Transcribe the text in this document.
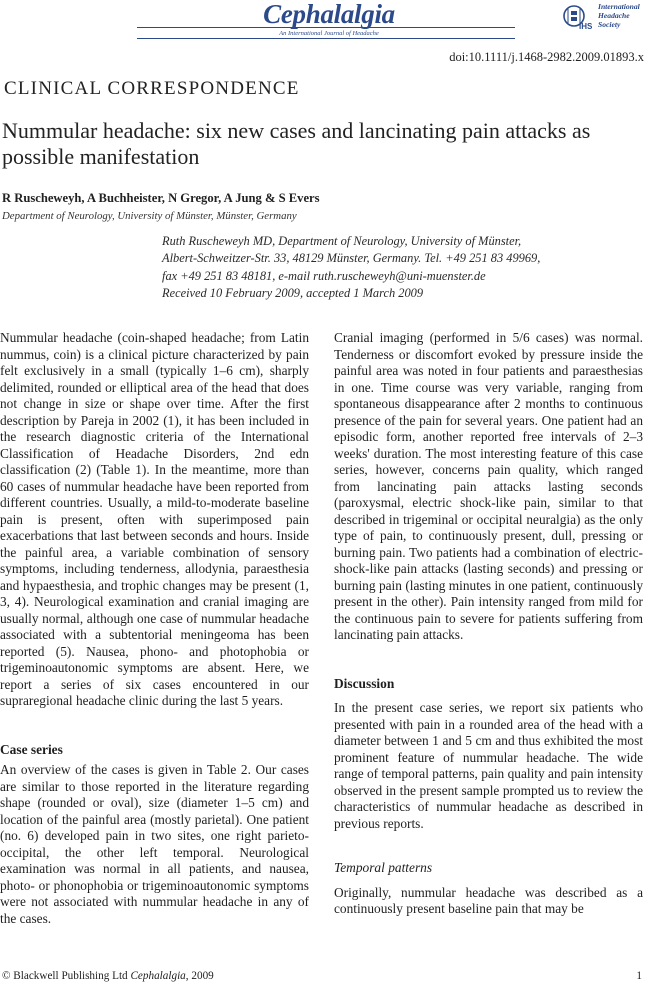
Cephalalgia
An International Journal of Headache
IHS
International
Headache
Society
doi:10.1111/j.1468-2982.2009.01893.x
CLINICAL CORRESPONDENCE
Nummular headache: six new cases and lancinating pain attacks as possible manifestation
R Ruscheweyh, A Buchheister, N Gregor, A Jung & S Evers
Department of Neurology, University of Münster, Münster, Germany
Ruth Ruscheweyh MD, Department of Neurology, University of Münster,
Albert-Schweitzer-Str. 33, 48129 Münster, Germany. Tel. +49 251 83 49969,
fax +49 251 83 48181, e-mail ruth.ruscheweyh@uni-muenster.de
Received 10 February 2009, accepted 1 March 2009

Nummular headache (coin-shaped headache; from Latin nummus, coin) is a clinical picture characterized by pain felt exclusively in a small (typically 1–6 cm), sharply delimited, rounded or elliptical area of the head that does not change in size or shape over time. After the first description by Pareja in 2002 (1), it has been included in the research diagnostic criteria of the International Classification of Headache Disorders, 2nd edn classification (2) (Table 1). In the meantime, more than 60 cases of nummular headache have been reported from different countries. Usually, a mild-to-moderate baseline pain is present, often with superimposed pain exacerbations that last between seconds and hours. Inside the painful area, a variable combination of sensory symptoms, including tenderness, allodynia, paraesthesia and hypaesthesia, and trophic changes may be present (1, 3, 4). Neurological examination and cranial imaging are usually normal, although one case of nummular headache associated with a subtentorial meningeoma has been reported (5). Nausea, phono- and photophobia or trigeminoautonomic symptoms are absent. Here, we report a series of six cases encountered in our supraregional headache clinic during the last 5 years.

Case series

An overview of the cases is given in Table 2. Our cases are similar to those reported in the literature regarding shape (rounded or oval), size (diameter 1–5 cm) and location of the painful area (mostly parietal). One patient (no. 6) developed pain in two sites, one right parieto-occipital, the other left temporal. Neurological examination was normal in all patients, and nausea, photo- or phonophobia or trigeminoautonomic symptoms were not associated with nummular headache in any of the cases.

Cranial imaging (performed in 5/6 cases) was normal. Tenderness or discomfort evoked by pressure inside the painful area was noted in four patients and paraesthesias in one. Time course was very variable, ranging from spontaneous disappearance after 2 months to continuous presence of the pain for several years. One patient had an episodic form, another reported free intervals of 2–3 weeks' duration. The most interesting feature of this case series, however, concerns pain quality, which ranged from lancinating pain attacks lasting seconds (paroxysmal, electric shock-like pain, similar to that described in trigeminal or occipital neuralgia) as the only type of pain, to continuously present, dull, pressing or burning pain. Two patients had a combination of electric-shock-like pain attacks (lasting seconds) and pressing or burning pain (lasting minutes in one patient, continuously present in the other). Pain intensity ranged from mild for the continuous pain to severe for patients suffering from lancinating pain attacks.

Discussion

In the present case series, we report six patients who presented with pain in a rounded area of the head with a diameter between 1 and 5 cm and thus exhibited the most prominent feature of nummular headache. The wide range of temporal patterns, pain quality and pain intensity observed in the present sample prompted us to review the characteristics of nummular headache as described in previous reports.

Temporal patterns

Originally, nummular headache was described as a continuously present baseline pain that may be

© Blackwell Publishing Ltd Cephalalgia, 2009	1
